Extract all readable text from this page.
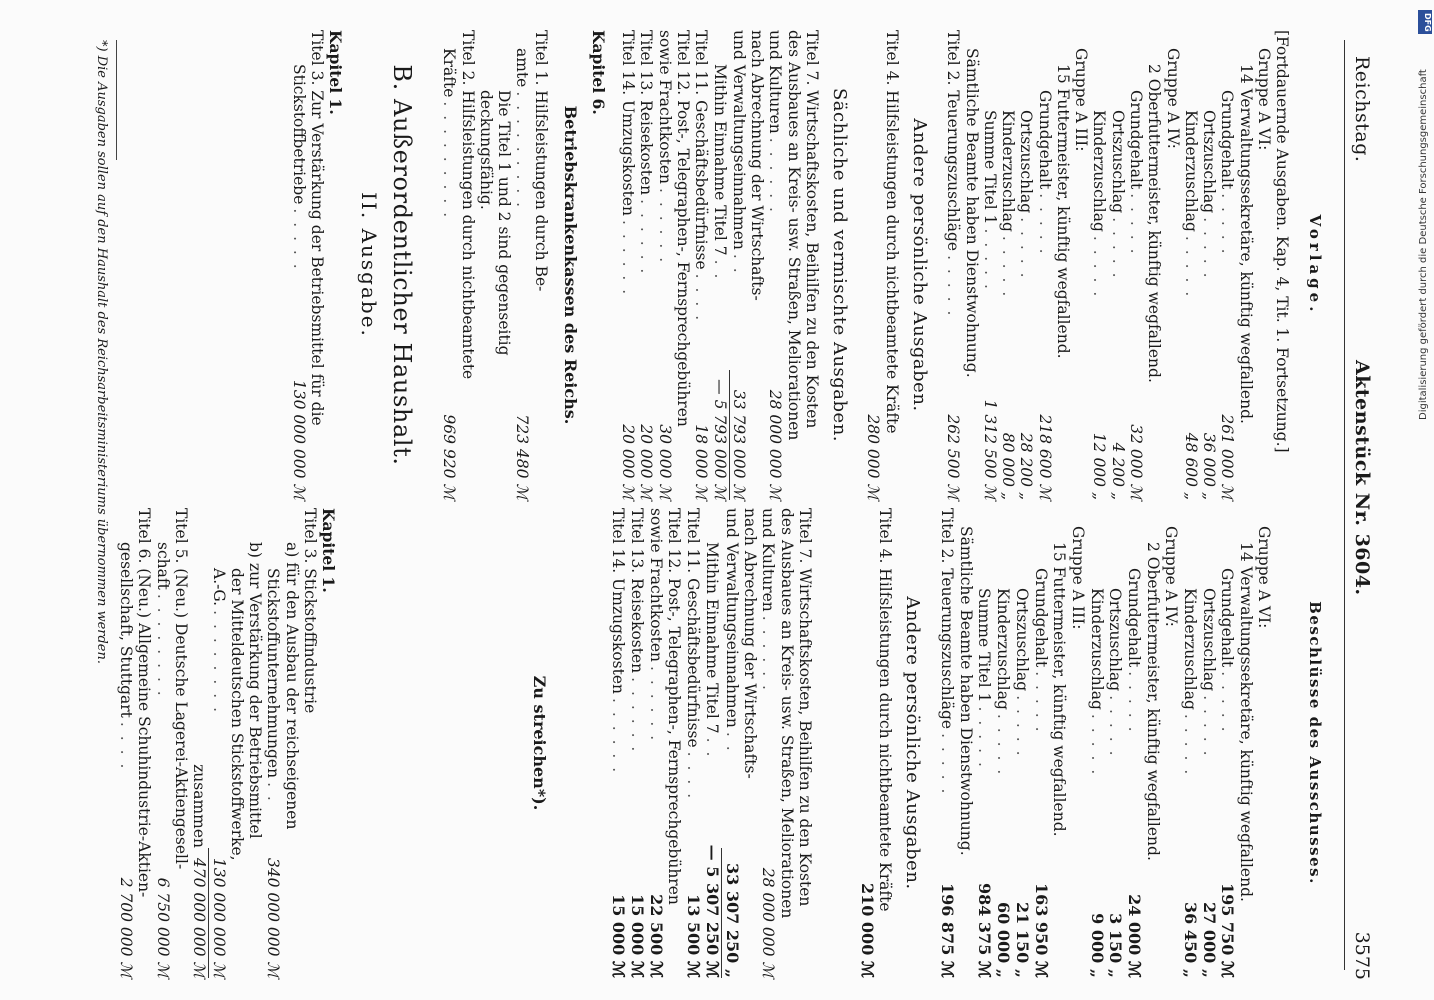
Reichstag.
Aktenstück Nr. 3604.
3575
Vorlage.
[Fortdauernde Ausgaben. Kap. 4, Tit. 1. Fortsetzung.]
Gruppe A VI:
14 Verwaltungssekretäre, künftig wegfallend.
Grundgehalt
. . . . .
261 000 ℳ
Ortszuschlag
. . . . .
36 000 „
Kinderzuschlag
. . . . .
48 600 „
Gruppe A IV:
2 Oberfuttermeister, künftig wegfallend.
Grundgehalt
. . . . .
32 000 ℳ
Ortszuschlag
. . . . .
4 200 „
Kinderzuschlag
. . . . .
12 000 „
Gruppe A III:
15 Futtermeister, künftig wegfallend.
Grundgehalt
. . . . .
218 600 ℳ
Ortszuschlag
. . . . .
28 200 „
Kinderzuschlag
. . . . .
80 000 „
Summe Titel 1
. . . . .
1 312 500 ℳ
Sämtliche Beamte haben Dienstwohnung.
Titel 2. Teuerungszuschläge
. . . . .
262 500 ℳ
Andere persönliche Ausgaben.
Titel 4. Hilfsleistungen durch nichtbeamtete Kräfte
280 000 ℳ
Sächliche und vermischte Ausgaben.
Titel 7. Wirtschaftskosten, Beihilfen zu den Kosten
des Ausbaues an Kreis- usw. Straßen, Meliorationen
und Kulturen
. . . . . .
28 000 000 ℳ
nach Abrechnung der Wirtschafts-
und Verwaltungseinnahmen
. .
33 793 000 ℳ
Mithin Einnahme Titel 7
. .
— 5 793 000 ℳ
Titel 11. Geschäftsbedürfnisse
. . . .
18 000 ℳ
Titel 12. Post-, Telegraphen-, Fernsprechgebühren
sowie Frachtkosten
. . . . . .
30 000 ℳ
Titel 13. Reisekosten
. . . . . .
20 000 ℳ
Titel 14. Umzugskosten
. . . . . .
20 000 ℳ
Kapitel 6.
Betriebskrankenkassen des Reichs.
Titel 1. Hilfsleistungen durch Be-
amte
. . . . . . . . .
723 480 ℳ
Die Titel 1 und 2 sind gegenseitig
deckungsfähig.
Titel 2. Hilfsleistungen durch nichtbeamtete
Kräfte
. . . . . . . . .
969 920 ℳ
B. Außerordentlicher Haushalt.
II. Ausgabe.
Kapitel 1.
Titel 3. Zur Verstärkung der Betriebsmittel für die
Stickstoffbetriebe
. . . . .
130 000 000 ℳ
Beschlüsse des Ausschusses.

Gruppe A VI:
14 Verwaltungssekretäre, künftig wegfallend.
Grundgehalt
. . . . .
195 750 ℳ
Ortszuschlag
. . . . .
27 000 „
Kinderzuschlag
. . . . .
36 450 „
Gruppe A IV:
2 Oberfuttermeister, künftig wegfallend.
Grundgehalt
. . . . .
24 000 ℳ
Ortszuschlag
. . . . .
3 150 „
Kinderzuschlag
. . . . .
9 000 „
Gruppe A III:
15 Futtermeister, künftig wegfallend.
Grundgehalt
. . . . .
163 950 ℳ
Ortszuschlag
. . . . .
21 150 „
Kinderzuschlag
. . . . .
60 000 „
Summe Titel 1
. . . . .
984 375 ℳ
Sämtliche Beamte haben Dienstwohnung.
Titel 2. Teuerungszuschläge
. . . . .
196 875 ℳ
Andere persönliche Ausgaben.
Titel 4. Hilfsleistungen durch nichtbeamtete Kräfte
210 000 ℳ

Titel 7. Wirtschaftskosten, Beihilfen zu den Kosten
des Ausbaues an Kreis- usw. Straßen, Meliorationen
und Kulturen
. . . . . .
28 000 000 ℳ
nach Abrechnung der Wirtschafts-
und Verwaltungseinnahmen
. .
33 307 250 „
Mithin Einnahme Titel 7
. .
— 5 307 250 ℳ
Titel 11. Geschäftsbedürfnisse
. . . .
13 500 ℳ
Titel 12. Post-, Telegraphen-, Fernsprechgebühren
sowie Frachtkosten
. . . . . .
22 500 ℳ
Titel 13. Reisekosten
. . . . . .
15 000 ℳ
Titel 14. Umzugskosten
. . . . . .
15 000 ℳ
Zu streichen*).
Kapitel 1.
Titel 3. Stickstoffindustrie
a) für den Ausbau der reichseigenen
Stickstoffunternehmungen
. .
340 000 000 ℳ
b) zur Verstärkung der Betriebsmittel
der Mitteldeutschen Stickstoffwerke,
A.-G.
. . . . . . . .
130 000 000 ℳ
zusammen

470 000 000 ℳ
Titel 5. (Neu.) Deutsche Lagerei-Aktiengesell-
schaft
. . . . . . . .
6 750 000 ℳ
Titel 6. (Neu.) Allgemeine Schuhindustrie-Aktien-
gesellschaft, Stuttgart
. . . .
2 700 000 ℳ
*) Die Ausgaben sollen auf den Haushalt des Reichsarbeitsministeriums übernommen werden.
DFG
Digitalisierung gefördert durch die Deutsche Forschungsgemeinschaft
